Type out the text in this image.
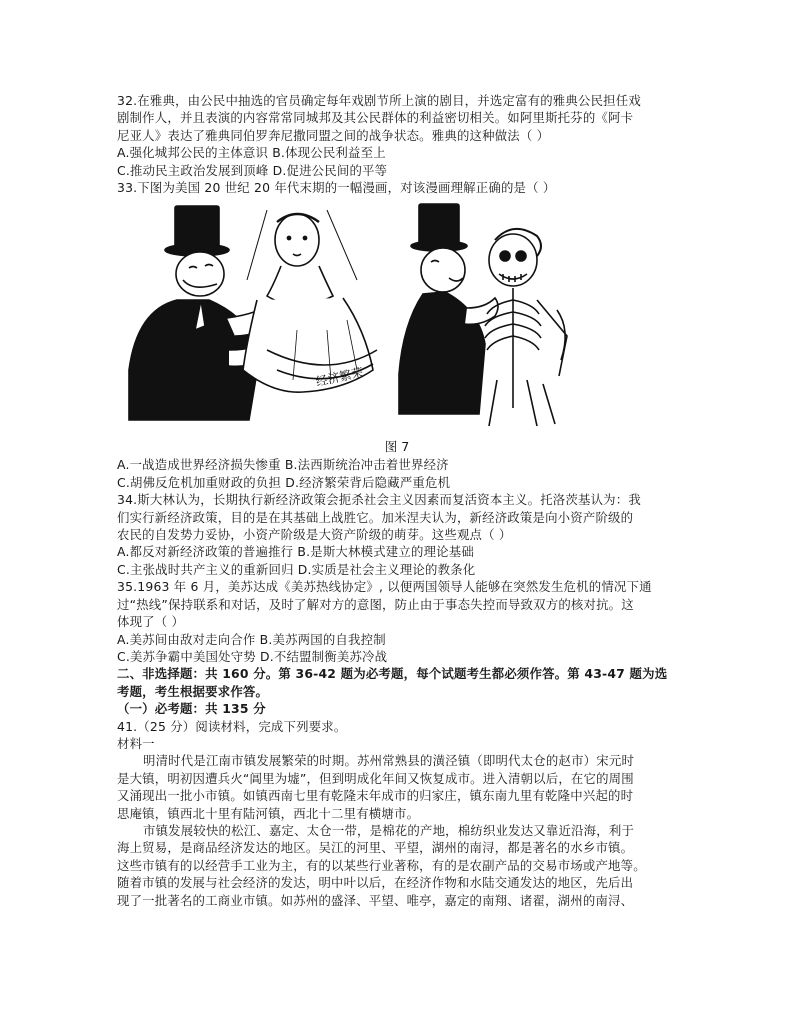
32.在雅典，由公民中抽选的官员确定每年戏剧节所上演的剧目，并选定富有的雅典公民担任戏
剧制作人，并且表演的内容常常同城邦及其公民群体的利益密切相关。如阿里斯托芬的《阿卡
尼亚人》表达了雅典同伯罗奔尼撒同盟之间的战争状态。雅典的这种做法（ ）
A.强化城邦公民的主体意识 B.体现公民利益至上
C.推动民主政治发展到顶峰 D.促进公民间的平等
33.下图为美国 20 世纪 20 年代末期的一幅漫画，对该漫画理解正确的是（ ）
经济繁荣
图 7
A.一战造成世界经济损失惨重 B.法西斯统治冲击着世界经济
C.胡佛反危机加重财政的负担 D.经济繁荣背后隐藏严重危机
34.斯大林认为，长期执行新经济政策会扼杀社会主义因素而复活资本主义。托洛茨基认为：我
们实行新经济政策，目的是在其基础上战胜它。加米涅夫认为，新经济政策是向小资产阶级的
农民的自发势力妥协，小资产阶级是大资产阶级的萌芽。这些观点（ ）
A.都反对新经济政策的普遍推行 B.是斯大林模式建立的理论基础
C.主张战时共产主义的重新回归 D.实质是社会主义理论的教条化
35.1963 年 6 月，美苏达成《美苏热线协定》, 以便两国领导人能够在突然发生危机的情况下通
过“热线”保持联系和对话，及时了解对方的意图，防止由于事态失控而导致双方的核对抗。这
体现了（ ）
A.美苏间由敌对走向合作 B.美苏两国的自我控制
C.美苏争霸中美国处守势 D.不结盟制衡美苏冷战
二、非选择题：共 160 分。第 36-42 题为必考题，每个试题考生都必须作答。第 43-47 题为选
考题，考生根据要求作答。
（一）必考题：共 135 分
41.（25 分）阅读材料，完成下列要求。
材料一
明清时代是江南市镇发展繁荣的时期。苏州常熟县的潢泾镇（即明代太仓的赵市）宋元时
是大镇，明初因遭兵火“阊里为墟”，但到明成化年间又恢复成市。进入清朝以后，在它的周围
又涌现出一批小市镇。如镇西南七里有乾隆末年成市的归家庄，镇东南九里有乾隆中兴起的时
思庵镇，镇西北十里有陆河镇，西北十二里有横塘市。
市镇发展较快的松江、嘉定、太仓一带，是棉花的产地，棉纺织业发达又靠近沿海，利于
海上贸易，是商品经济发达的地区。吴江的河里、平望，湖州的南浔，都是著名的水乡市镇。
这些市镇有的以经营手工业为主，有的以某些行业著称，有的是农副产品的交易市场或产地等。
随着市镇的发展与社会经济的发达，明中叶以后，在经济作物和水陆交通发达的地区，先后出
现了一批著名的工商业市镇。如苏州的盛泽、平望、唯亭，嘉定的南翔、诸翟，湖州的南浔、
